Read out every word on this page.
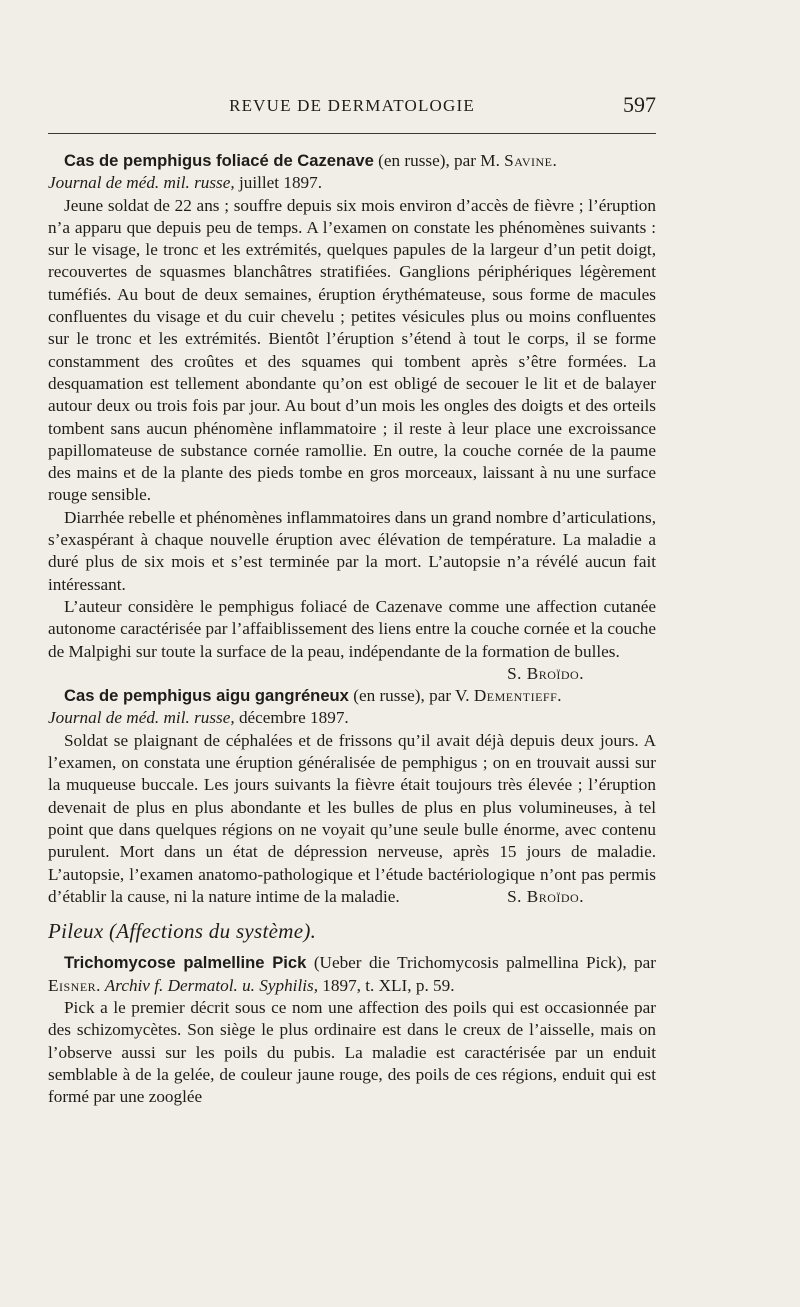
REVUE DE DERMATOLOGIE	597

Cas de pemphigus foliacé de Cazenave (en russe), par M. Savine.
Journal de méd. mil. russe, juillet 1897.

Jeune soldat de 22 ans ; souffre depuis six mois environ d’accès de fièvre ; l’éruption n’a apparu que depuis peu de temps. A l’examen on constate les phénomènes suivants : sur le visage, le tronc et les extrémités, quelques papules de la largeur d’un petit doigt, recouvertes de squasmes blanchâtres stratifiées. Ganglions périphériques légèrement tuméfiés. Au bout de deux semaines, éruption érythémateuse, sous forme de macules confluentes du visage et du cuir chevelu ; petites vésicules plus ou moins confluentes sur le tronc et les extrémités. Bientôt l’éruption s’étend à tout le corps, il se forme constamment des croûtes et des squames qui tombent après s’être formées. La desquamation est tellement abondante qu’on est obligé de secouer le lit et de balayer autour deux ou trois fois par jour. Au bout d’un mois les ongles des doigts et des orteils tombent sans aucun phénomène inflammatoire ; il reste à leur place une excroissance papillomateuse de substance cornée ramollie. En outre, la couche cornée de la paume des mains et de la plante des pieds tombe en gros morceaux, laissant à nu une surface rouge sensible.

Diarrhée rebelle et phénomènes inflammatoires dans un grand nombre d’articulations, s’exaspérant à chaque nouvelle éruption avec élévation de température. La maladie a duré plus de six mois et s’est terminée par la mort. L’autopsie n’a révélé aucun fait intéressant.

L’auteur considère le pemphigus foliacé de Cazenave comme une affection cutanée autonome caractérisée par l’affaiblissement des liens entre la couche cornée et la couche de Malpighi sur toute la surface de la peau, indépendante de la formation de bulles.
S. Broïdo.

Cas de pemphigus aigu gangréneux (en russe), par V. Dementieff.
Journal de méd. mil. russe, décembre 1897.

Soldat se plaignant de céphalées et de frissons qu’il avait déjà depuis deux jours. A l’examen, on constata une éruption généralisée de pemphigus ; on en trouvait aussi sur la muqueuse buccale. Les jours suivants la fièvre était toujours très élevée ; l’éruption devenait de plus en plus abondante et les bulles de plus en plus volumineuses, à tel point que dans quelques régions on ne voyait qu’une seule bulle énorme, avec contenu purulent. Mort dans un état de dépression nerveuse, après 15 jours de maladie. L’autopsie, l’examen anatomo-pathologique et l’étude bactériologique n’ont pas permis d’établir la cause, ni la nature intime de la maladie.	S. Broïdo.

Pileux (Affections du système).

Trichomycose palmelline Pick (Ueber die Trichomycosis palmellina Pick), par Eisner. Archiv f. Dermatol. u. Syphilis, 1897, t. XLI, p. 59.

Pick a le premier décrit sous ce nom une affection des poils qui est occasionnée par des schizomycètes. Son siège le plus ordinaire est dans le creux de l’aisselle, mais on l’observe aussi sur les poils du pubis. La maladie est caractérisée par un enduit semblable à de la gelée, de couleur jaune rouge, des poils de ces régions, enduit qui est formé par une zooglée
